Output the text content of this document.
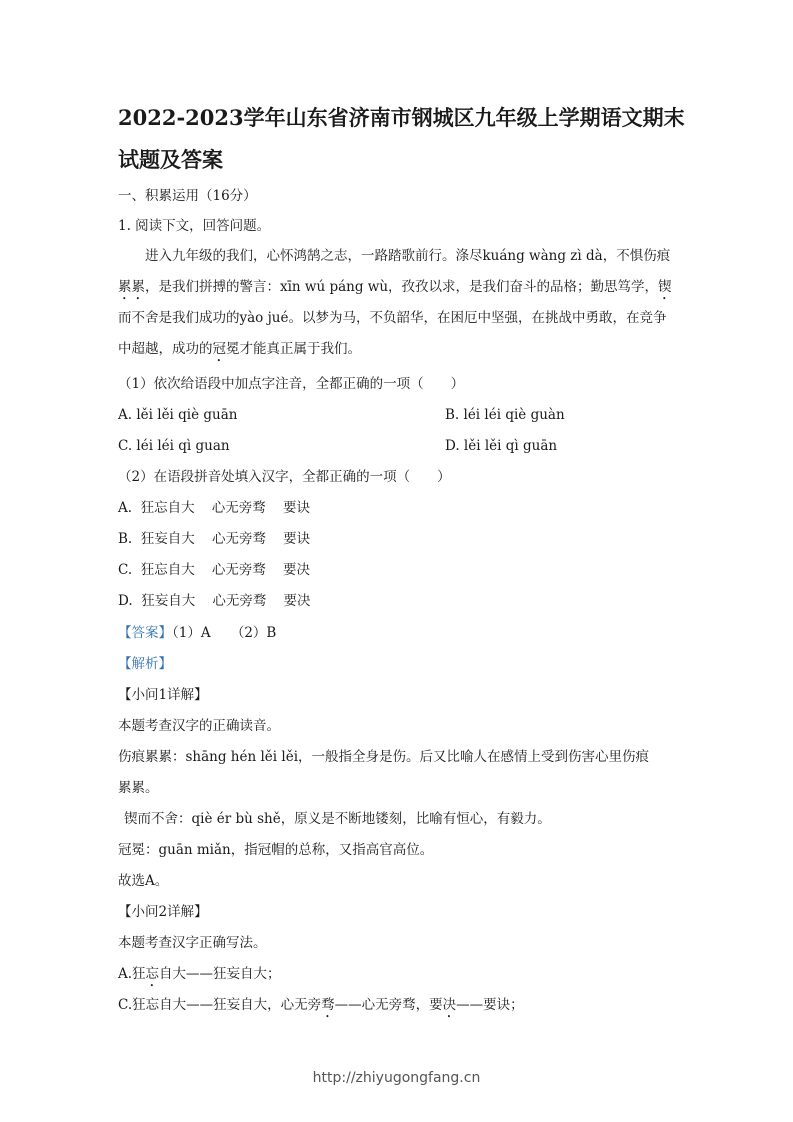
2022-2023学年山东省济南市钢城区九年级上学期语文期末
试题及答案
一、积累运用（16分）
1. 阅读下文，回答问题。
进入九年级的我们，心怀鸿鹄之志，一路踏歌前行。涤尽kuáng wàng zì dà，不惧伤痕累累，是我们拼搏的警言：xīn wú páng wù，孜孜以求，是我们奋斗的品格；勤思笃学，锲而不舍是我们成功的yào jué。以梦为马，不负韶华，在困厄中坚强，在挑战中勇敢，在竞争中超越，成功的冠冕才能真正属于我们。
（1）依次给语段中加点字注音，全都正确的一项（　　）
A. lěi lěi qiè guān	B. léi léi qiè guàn
C. léi léi qì guan	D. lěi lěi qì guān
（2）在语段拼音处填入汉字，全都正确的一项（　　）
A.  狂忘自大    心无旁骛    要诀
B.  狂妄自大    心无旁骛    要诀
C.  狂忘自大    心无旁骛    要决
D.  狂妄自大    心无旁骛    要决
【答案】（1）A　　（2）B
【解析】
【小问1详解】
本题考查汉字的正确读音。
伤痕累累：shāng hén lěi lěi，一般指全身是伤。后又比喻人在感情上受到伤害心里伤痕
累累。
锲而不舍：qiè ér bù shě，原义是不断地镂刻，比喻有恒心，有毅力。
冠冕：guān miǎn，指冠帽的总称，又指高官高位。
故选A。
【小问2详解】
本题考查汉字正确写法。
A.狂忘自大——狂妄自大；
C.狂忘自大——狂妄自大，心无旁骛——心无旁骛，要决——要诀；
http://zhiyugongfang.cn
